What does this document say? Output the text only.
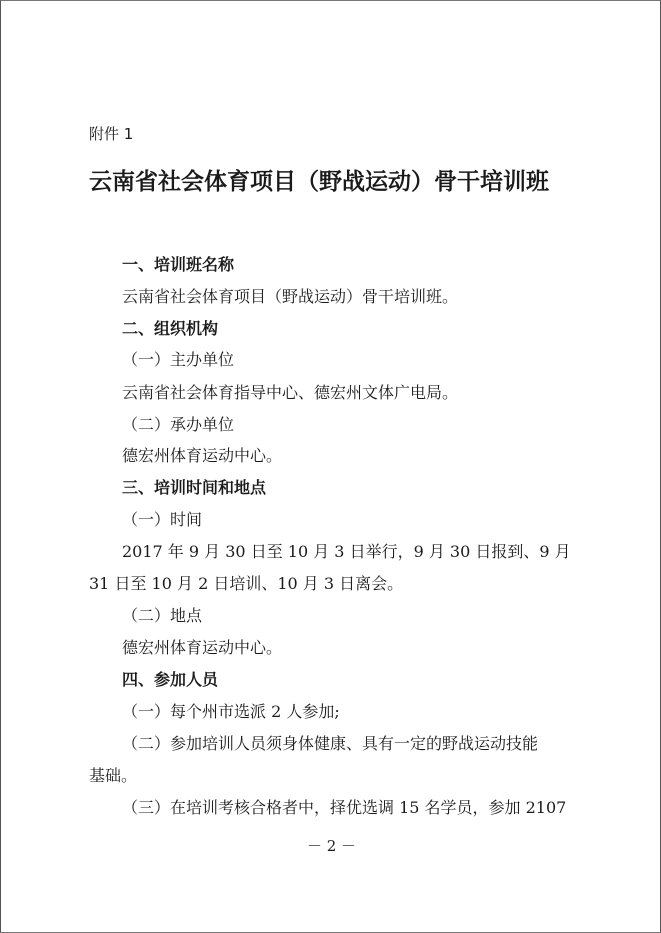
附件 1
云南省社会体育项目（野战运动）骨干培训班
一、培训班名称
云南省社会体育项目（野战运动）骨干培训班。
二、组织机构
（一）主办单位
云南省社会体育指导中心、德宏州文体广电局。
（二）承办单位
德宏州体育运动中心。
三、培训时间和地点
（一）时间
2017 年 9 月 30 日至 10 月 3 日举行，9 月 30 日报到、9 月
31 日至 10 月 2 日培训、10 月 3 日离会。
（二）地点
德宏州体育运动中心。
四、参加人员
（一）每个州市选派 2 人参加;
（二）参加培训人员须身体健康、具有一定的野战运动技能
基础。
（三）在培训考核合格者中，择优选调 15 名学员，参加 2107
－ 2 －
